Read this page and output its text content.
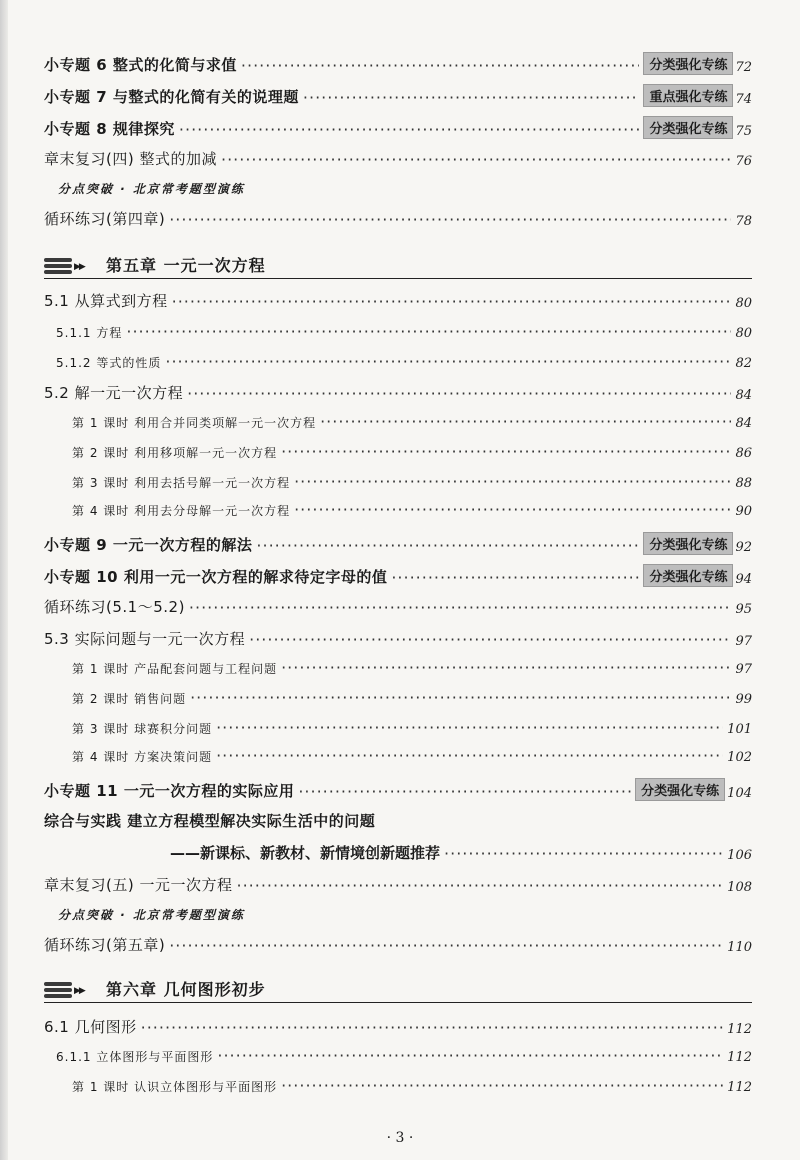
小专题 6 整式的化简与求值 ·····	分类强化专练 72
小专题 7 与整式的化简有关的说理题 ·····	重点强化专练 74
小专题 8 规律探究 ·····	分类强化专练 75
章末复习(四) 整式的加减 ·····	76
分点突破 · 北京常考题型演练
循环练习(第四章) ·····	78
▶▶ 第五章 一元一次方程
5.1 从算式到方程 ·····	80
5.1.1 方程 ·····	80
5.1.2 等式的性质 ·····	82
5.2 解一元一次方程 ·····	84
第 1 课时 利用合并同类项解一元一次方程 ·····	84
第 2 课时 利用移项解一元一次方程 ·····	86
第 3 课时 利用去括号解一元一次方程 ·····	88
第 4 课时 利用去分母解一元一次方程 ·····	90
小专题 9 一元一次方程的解法 ·····	分类强化专练 92
小专题 10 利用一元一次方程的解求待定字母的值 ·····	分类强化专练 94
循环练习(5.1～5.2) ·····	95
5.3 实际问题与一元一次方程 ·····	97
第 1 课时 产品配套问题与工程问题 ·····	97
第 2 课时 销售问题 ·····	99
第 3 课时 球赛积分问题 ·····	101
第 4 课时 方案决策问题 ·····	102
小专题 11 一元一次方程的实际应用 ·····	分类强化专练 104
综合与实践 建立方程模型解决实际生活中的问题
——新课标、新教材、新情境创新题推荐 ·····	106
章末复习(五) 一元一次方程 ·····	108
分点突破 · 北京常考题型演练
循环练习(第五章) ·····	110
▶▶ 第六章 几何图形初步
6.1 几何图形 ·····	112
6.1.1 立体图形与平面图形 ·····	112
第 1 课时 认识立体图形与平面图形 ·····	112
· 3 ·
